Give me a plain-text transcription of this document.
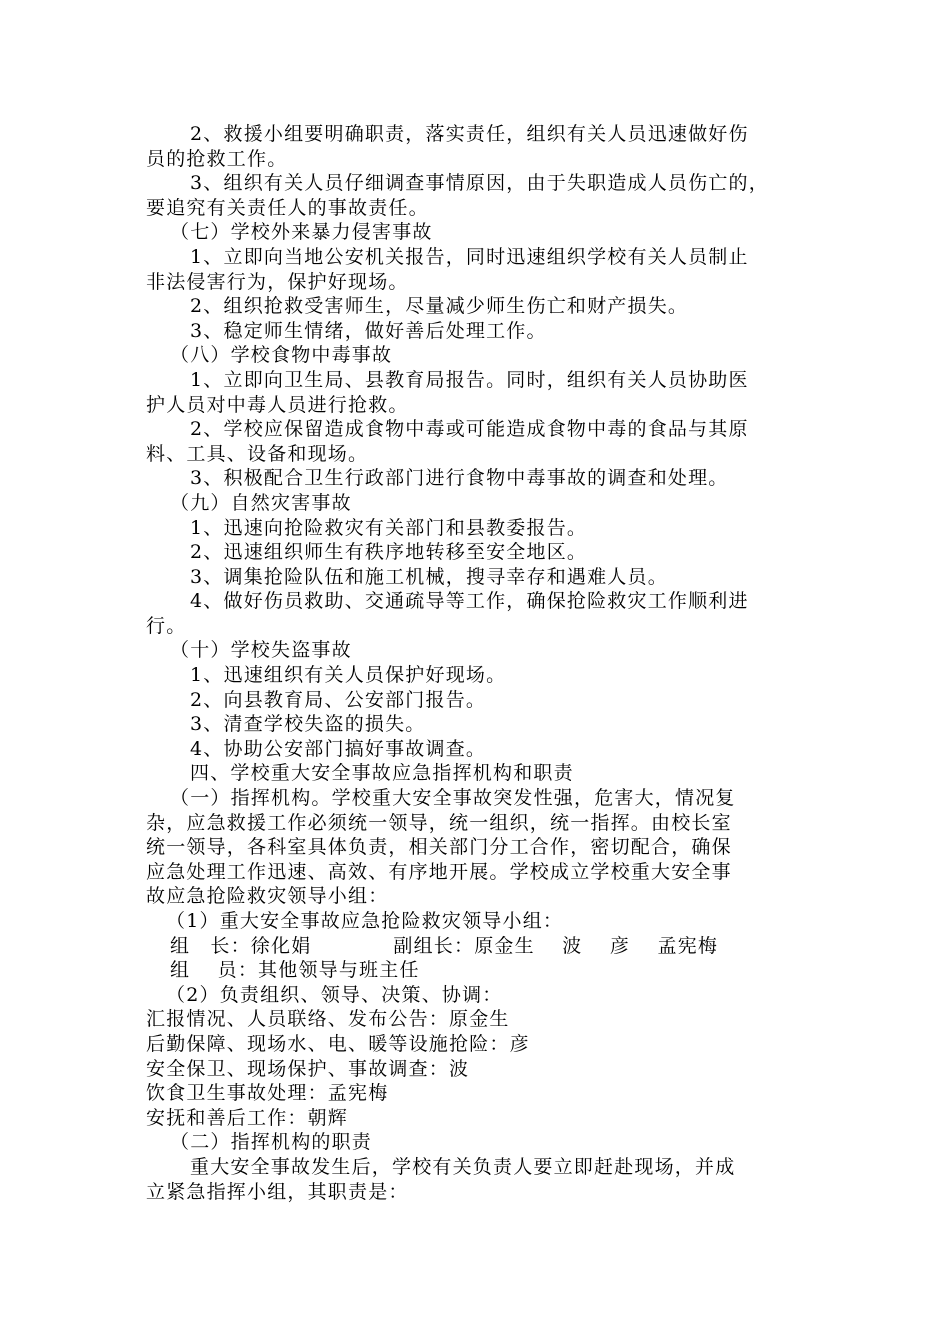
2、救援小组要明确职责，落实责任，组织有关人员迅速做好伤
员的抢救工作。
3、组织有关人员仔细调查事情原因，由于失职造成人员伤亡的，
要追究有关责任人的事故责任。
（七）学校外来暴力侵害事故
1、立即向当地公安机关报告，同时迅速组织学校有关人员制止
非法侵害行为，保护好现场。
2、组织抢救受害师生，尽量减少师生伤亡和财产损失。
3、稳定师生情绪，做好善后处理工作。
（八）学校食物中毒事故
1、立即向卫生局、县教育局报告。同时，组织有关人员协助医
护人员对中毒人员进行抢救。
2、学校应保留造成食物中毒或可能造成食物中毒的食品与其原
料、工具、设备和现场。
3、积极配合卫生行政部门进行食物中毒事故的调查和处理。
（九）自然灾害事故
1、迅速向抢险救灾有关部门和县教委报告。
2、迅速组织师生有秩序地转移至安全地区。
3、调集抢险队伍和施工机械，搜寻幸存和遇难人员。
4、做好伤员救助、交通疏导等工作，确保抢险救灾工作顺利进
行。
（十）学校失盗事故
1、迅速组织有关人员保护好现场。
2、向县教育局、公安部门报告。
3、清查学校失盗的损失。
4、协助公安部门搞好事故调查。
四、学校重大安全事故应急指挥机构和职责
（一）指挥机构。学校重大安全事故突发性强，危害大，情况复
杂，应急救援工作必须统一领导，统一组织，统一指挥。由校长室
统一领导，各科室具体负责，相关部门分工合作，密切配合，确保
应急处理工作迅速、高效、有序地开展。学校成立学校重大安全事
故应急抢险救灾领导小组：
（1）重大安全事故应急抢险救灾领导小组：
组　长：徐化娟	副组长：原金生　 波　 彦　 孟宪梅
组　 员：其他领导与班主任
（2）负责组织、领导、决策、协调：
汇报情况、人员联络、发布公告：原金生
后勤保障、现场水、电、暖等设施抢险：彦
安全保卫、现场保护、事故调查：波
饮食卫生事故处理：孟宪梅
安抚和善后工作：朝辉
（二）指挥机构的职责
重大安全事故发生后，学校有关负责人要立即赶赴现场，并成
立紧急指挥小组，其职责是：
